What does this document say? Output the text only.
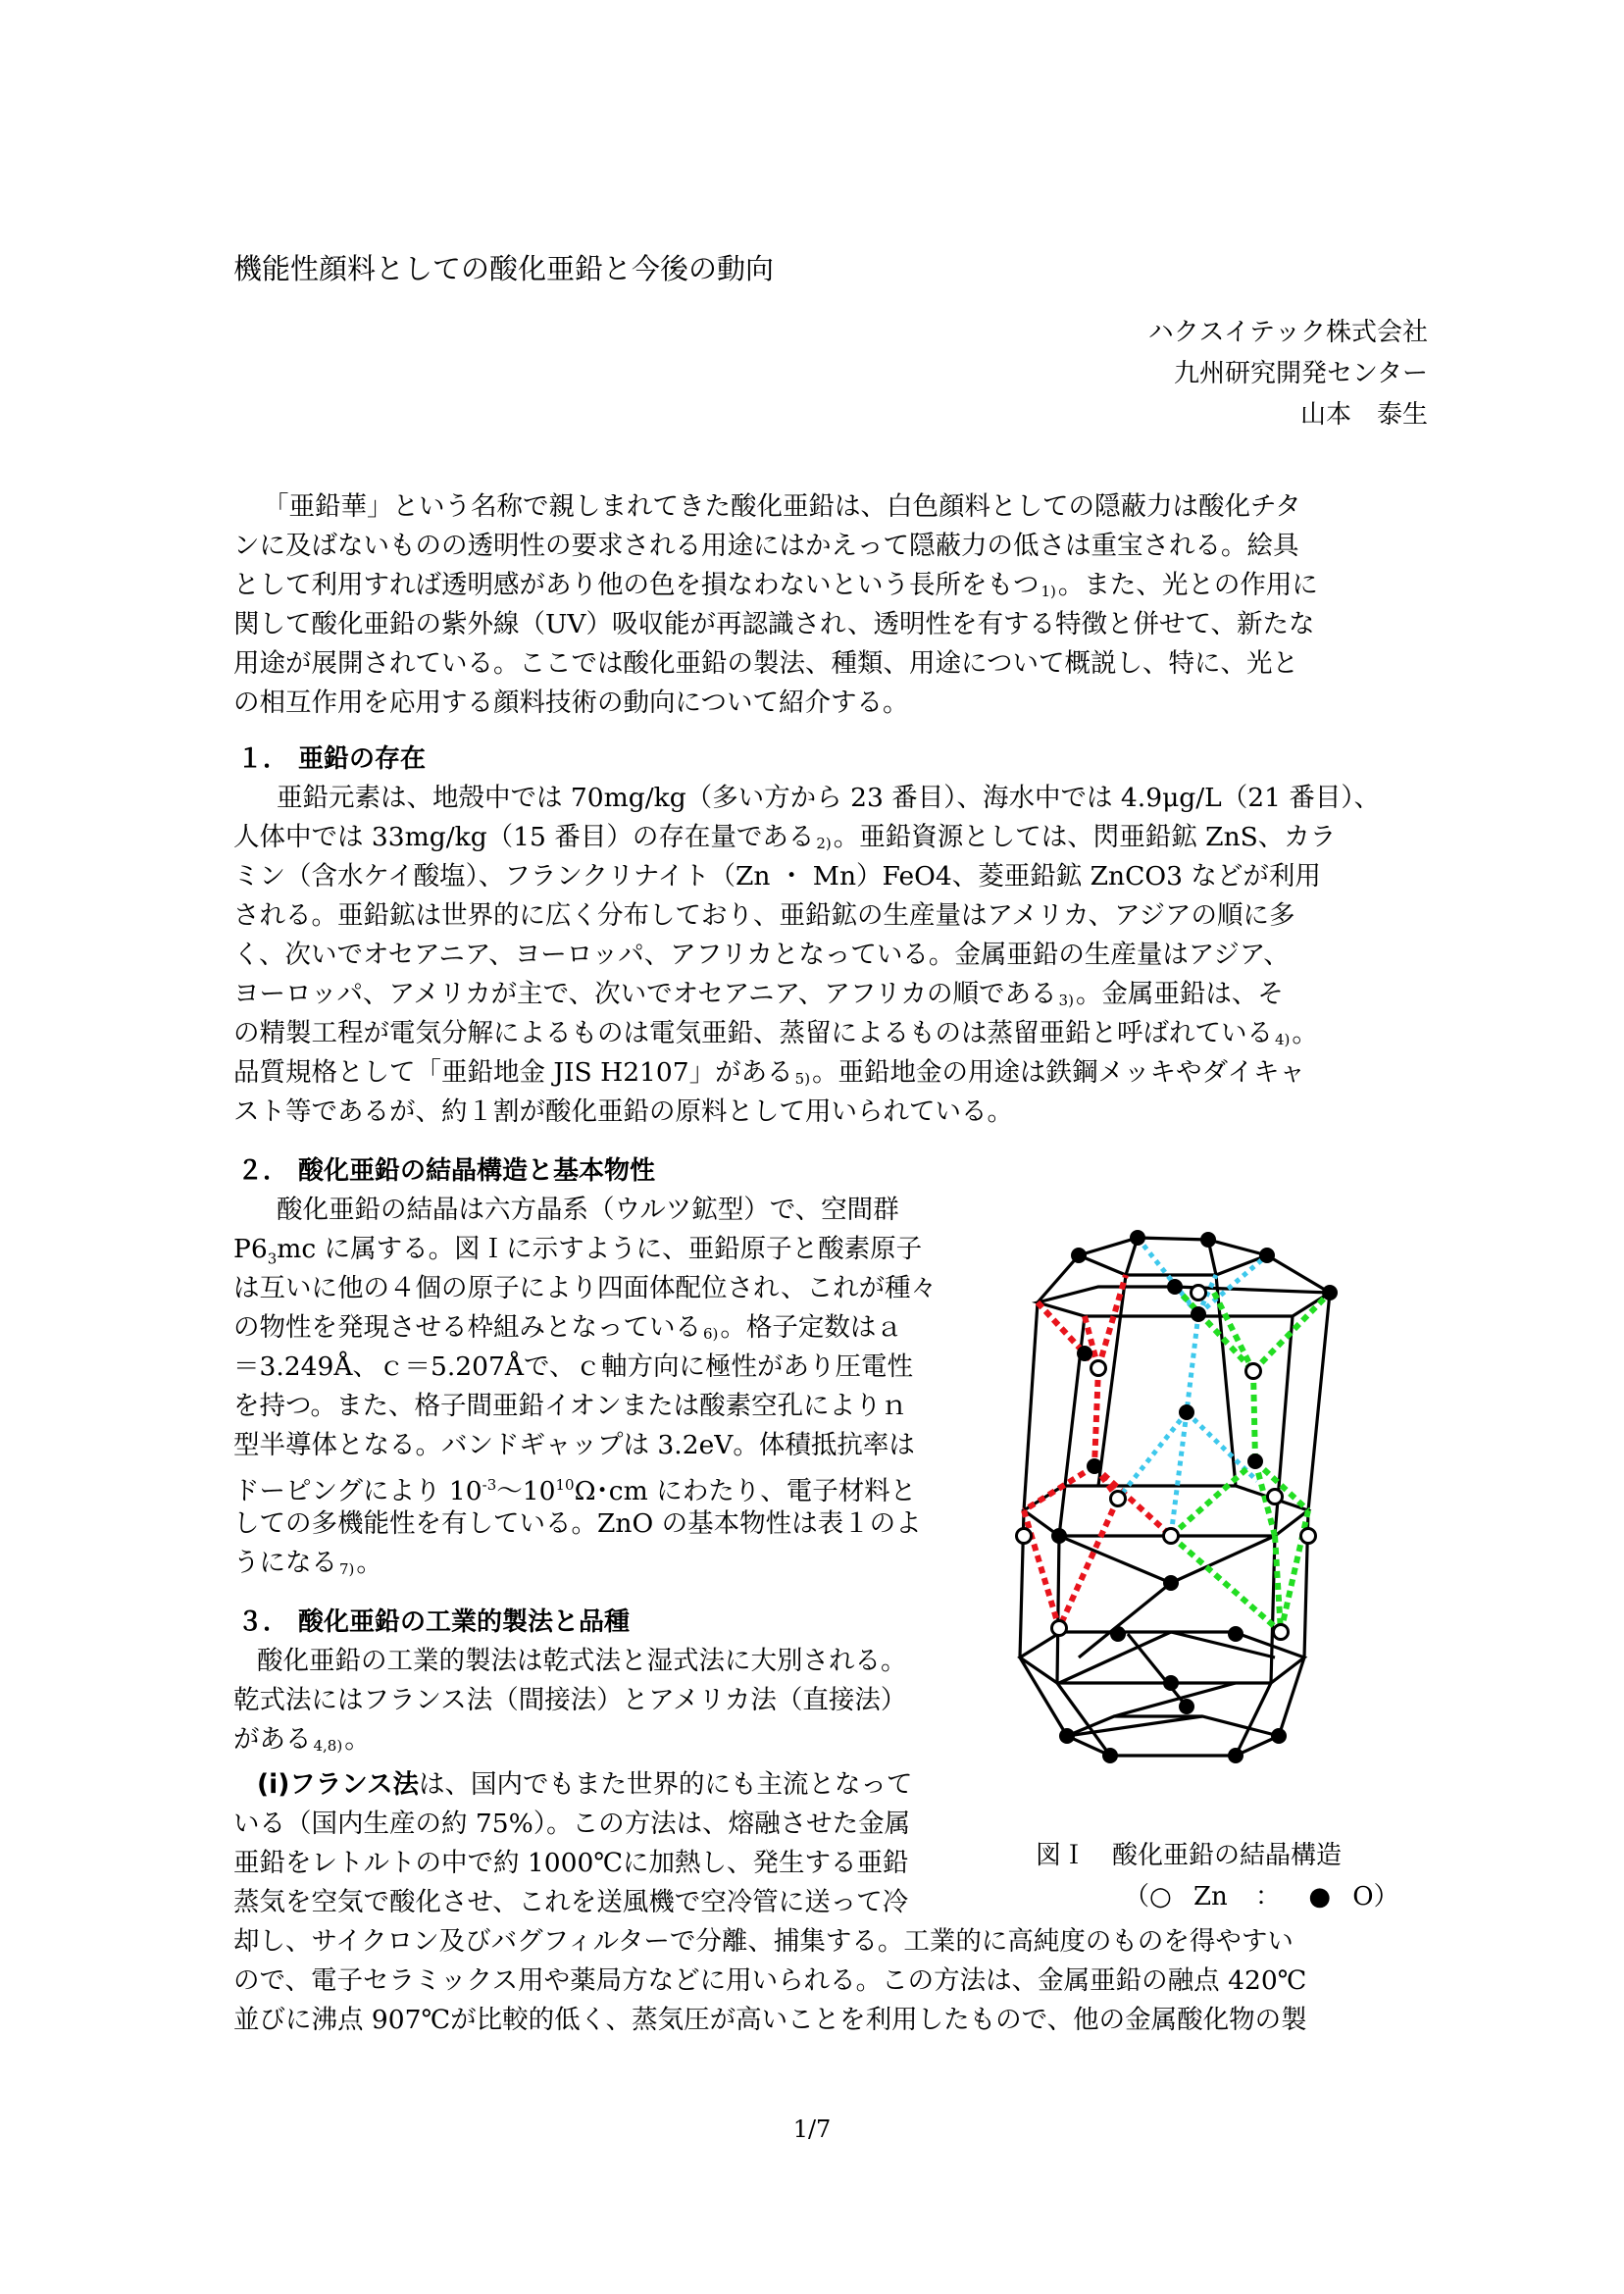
機能性顔料としての酸化亜鉛と今後の動向

ハクスイテック株式会社

九州研究開発センター

山本　泰生

「亜鉛華」という名称で親しまれてきた酸化亜鉛は、白色顔料としての隠蔽力は酸化チタ

ンに及ばないものの透明性の要求される用途にはかえって隠蔽力の低さは重宝される。絵具

として利用すれば透明感があり他の色を損なわないという長所をもつ $^{1)}$。また、光との作用に

関して酸化亜鉛の紫外線（UV）吸収能が再認識され、透明性を有する特徴と併せて、新たな

用途が展開されている。ここでは酸化亜鉛の製法、種類、用途について概説し、特に、光と

の相互作用を応用する顔料技術の動向について紹介する。

１． 亜鉛の存在

亜鉛元素は、地殻中では 70mg/kg（多い方から 23 番目）、海水中では 4.9μg/L（21 番目）、

人体中では 33mg/kg（15 番目）の存在量である $^{2)}$。亜鉛資源としては、閃亜鉛鉱 ZnS、カラ

ミン（含水ケイ酸塩）、フランクリナイト（Zn ・ Mn）FeO4、菱亜鉛鉱 ZnCO3 などが利用

される。亜鉛鉱は世界的に広く分布しており、亜鉛鉱の生産量はアメリカ、アジアの順に多

く、次いでオセアニア、ヨーロッパ、アフリカとなっている。金属亜鉛の生産量はアジア、

ヨーロッパ、アメリカが主で、次いでオセアニア、アフリカの順である $^{3)}$。金属亜鉛は、そ

の精製工程が電気分解によるものは電気亜鉛、蒸留によるものは蒸留亜鉛と呼ばれている $^{4)}$。

品質規格として「亜鉛地金 JIS H2107」がある $^{5)}$。亜鉛地金の用途は鉄鋼メッキやダイキャ

スト等であるが、約１割が酸化亜鉛の原料として用いられている。

２． 酸化亜鉛の結晶構造と基本物性

酸化亜鉛の結晶は六方晶系（ウルツ鉱型）で、空間群

$P6_3mc$ に属する。図Ｉに示すように、亜鉛原子と酸素原子

は互いに他の４個の原子により四面体配位され、これが種々

の物性を発現させる枠組みとなっている $^{6)}$。格子定数はａ

＝3.249Å、ｃ＝5.207Åで、ｃ軸方向に極性があり圧電性

を持つ。また、格子間亜鉛イオンまたは酸素空孔によりｎ

型半導体となる。バンドギャップは 3.2eV。体積抵抗率は

ドーピングにより $10^{-3}\sim 10^{10}\Omega$･cm にわたり、電子材料と

しての多機能性を有している。ZnO の基本物性は表１のよ

うになる $^{7)}$。

３． 酸化亜鉛の工業的製法と品種

酸化亜鉛の工業的製法は乾式法と湿式法に大別される。

乾式法にはフランス法（間接法）とアメリカ法（直接法）

がある $^{4,8)}$。

(i)フランス法は、国内でもまた世界的にも主流となって

いる（国内生産の約 75%）。この方法は、熔融させた金属

亜鉛をレトルトの中で約 1000℃に加熱し、発生する亜鉛

蒸気を空気で酸化させ、これを送風機で空冷管に送って冷

却し、サイクロン及びバグフィルターで分離、捕集する。工業的に高純度のものを得やすい

ので、電子セラミックス用や薬局方などに用いられる。この方法は、金属亜鉛の融点 420℃

並びに沸点 907℃が比較的低く、蒸気圧が高いことを利用したもので、他の金属酸化物の製

図Ｉ　酸化亜鉛の結晶構造

（○ Zn ： ● O）

1/7
